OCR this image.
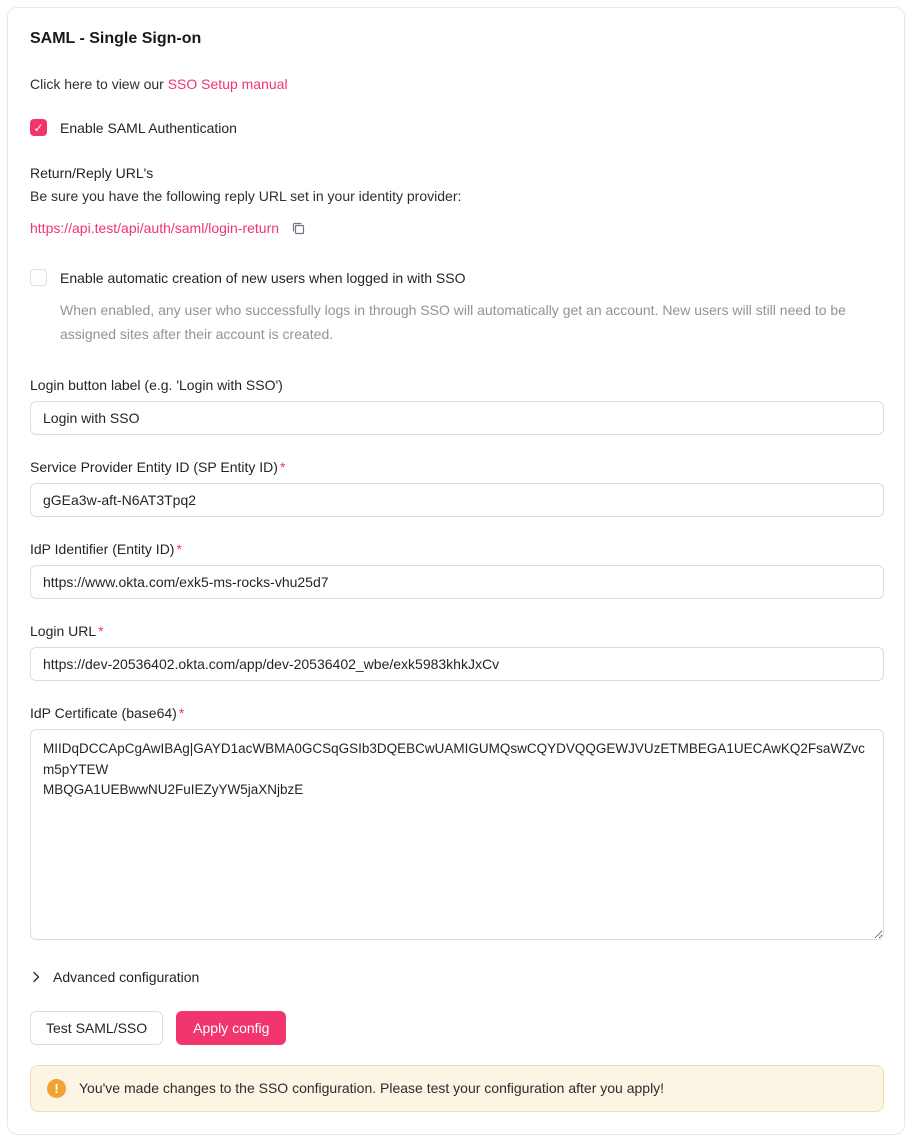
SAML - Single Sign-on
Click here to view our SSO Setup manual
✓ Enable SAML Authentication
Return/Reply URL's
Be sure you have the following reply URL set in your identity provider:
https://api.test/api/auth/saml/login-return
Enable automatic creation of new users when logged in with SSO
When enabled, any user who successfully logs in through SSO will automatically get an account. New users will still need to be assigned sites after their account is created.
Login button label (e.g. 'Login with SSO')
Login with SSO
Service Provider Entity ID (SP Entity ID) *
gGEa3w-aft-N6AT3Tpq2
IdP Identifier (Entity ID) *
https://www.okta.com/exk5-ms-rocks-vhu25d7
Login URL *
https://dev-20536402.okta.com/app/dev-20536402_wbe/exk5983khkJxCv
IdP Certificate (base64) *
MIIDqDCCApCgAwIBAg|GAYD1acWBMA0GCSqGSIb3DQEBCwUAMIGUMQswCQYDVQQGEWJVUzETMBEGA1UECAwKQ2FsaWZvcm5pYTEW MBQGA1UEBwwNU2FuIEZyYW5jaXNjbzE
Advanced configuration
Test SAML/SSO	Apply config
!	You've made changes to the SSO configuration. Please test your configuration after you apply!
